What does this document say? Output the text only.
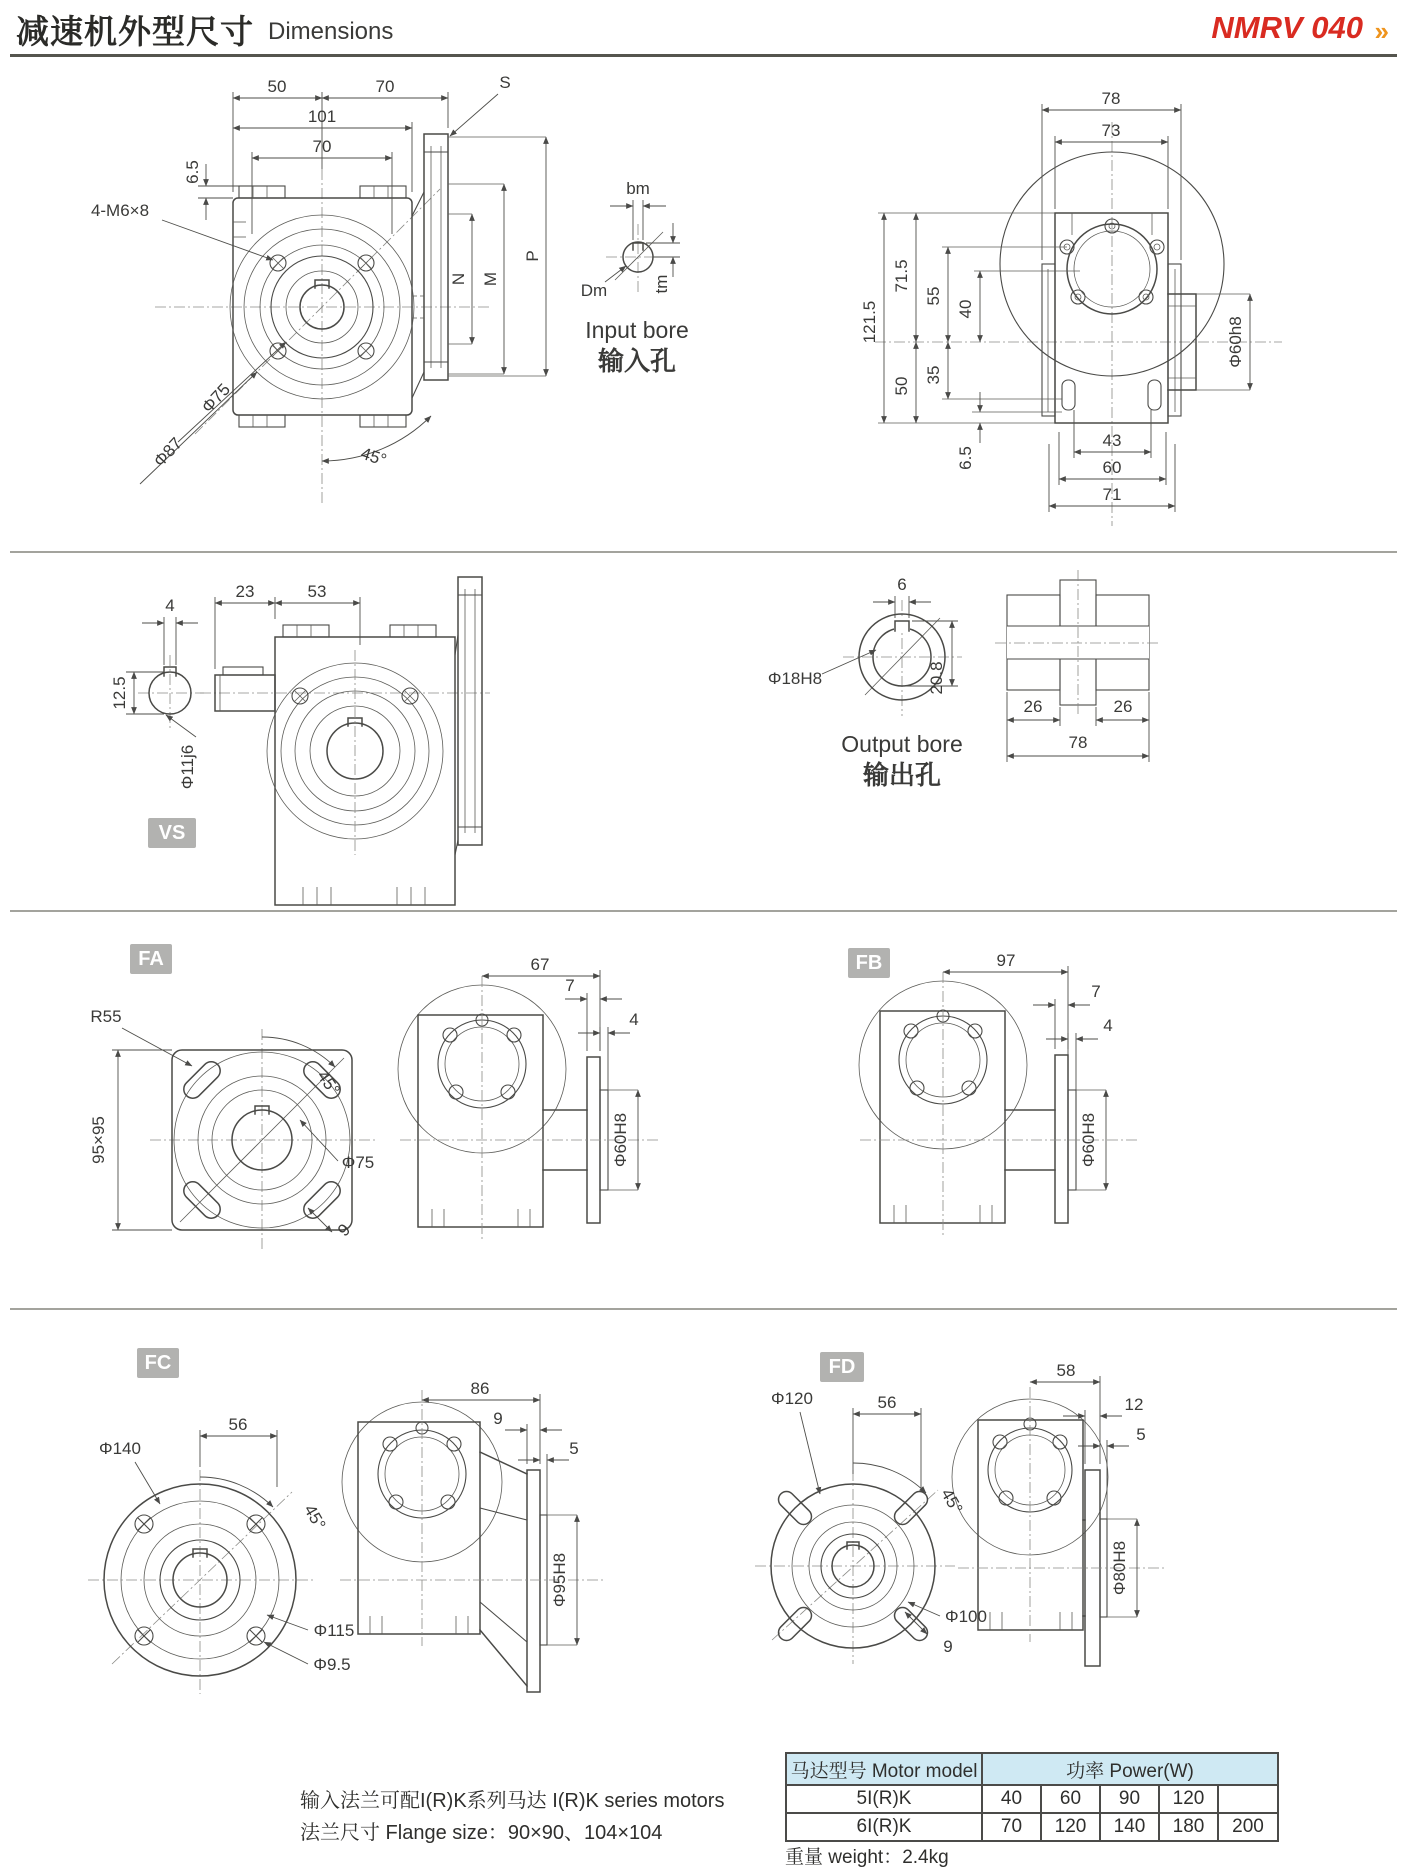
减速机外型尺寸 Dimensions	NMRV 040 »
50	70
101
70
6.5
4-M6×8
Φ75
Φ87	45°
S
N M
P
bm
Dm	tm
Input bore
输入孔
78
73
121.5
71.5
50
55
35
40
6.5
43
60
71
Φ60h8
4
12.5
Φ11j6
23	53
VS
6
Φ18H8	20.8
Output bore
输出孔
26	26
78
R55
95×95
45°
Φ75
9
67
7
4
Φ60H8
FA	97
7
4
Φ60H8
FB
Φ140
56
45°
Φ115
Φ9.5
86
9
5
Φ95H8
FC
Φ120	56
45°
Φ100
9
58
12
5
Φ80H8
FD
输入法兰可配I(R)K系列马达 I(R)K series motors
法兰尺寸 Flange size：90×90、104×104
马达型号 Motor model	功率 Power(W)				
5I(R)K	40	60	90	120	
6I(R)K	70	120	140	180	200
重量 weight：2.4kg
